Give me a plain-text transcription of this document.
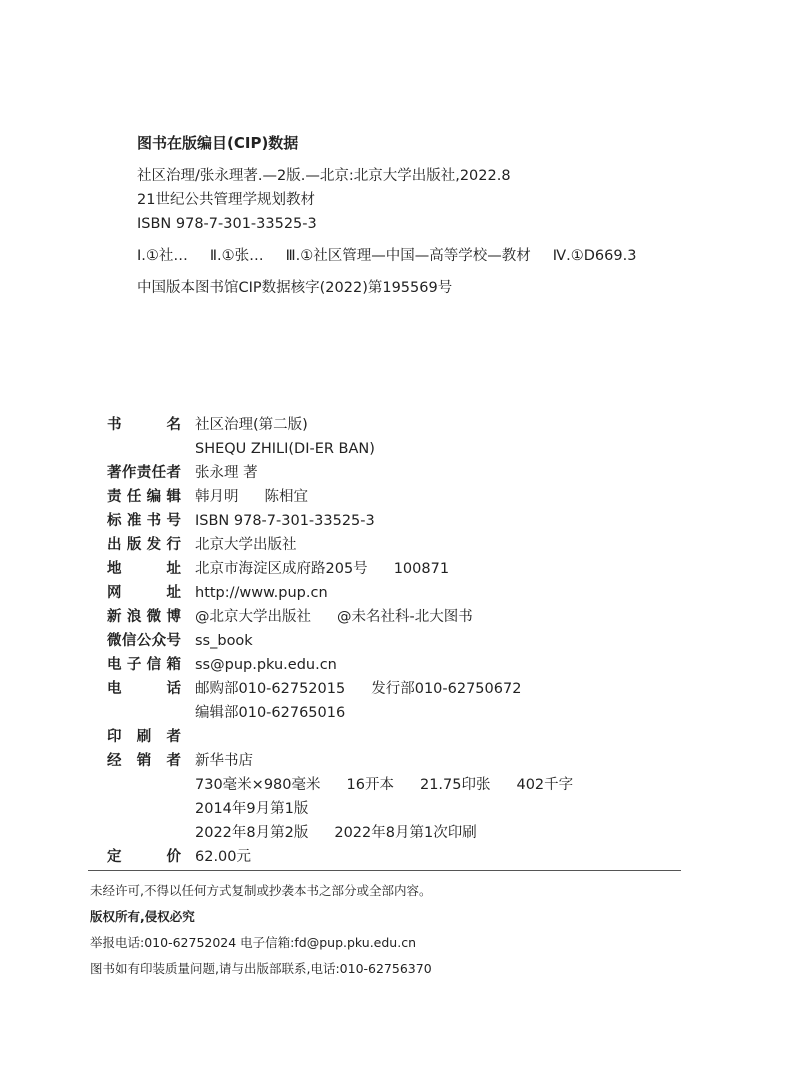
图书在版编目(CIP)数据
社区治理/张永理著.—2版.—北京:北京大学出版社,2022.8
21世纪公共管理学规划教材
ISBN 978-7-301-33525-3
Ⅰ.①社… Ⅱ.①张… Ⅲ.①社区管理—中国—高等学校—教材 Ⅳ.①D669.3
中国版本图书馆CIP数据核字(2022)第195569号
书名 社区治理(第二版)
SHEQU ZHILI(DI-ER BAN)
著作责任者 张永理 著
责任编辑 韩月明 陈相宜
标准书号 ISBN 978-7-301-33525-3
出版发行 北京大学出版社
地址 北京市海淀区成府路205号 100871
网址 http://www.pup.cn
新浪微博 @北京大学出版社 @未名社科-北大图书
微信公众号 ss_book
电子信箱 ss@pup.pku.edu.cn
电话 邮购部010-62752015 发行部010-62750672
编辑部010-62765016
印刷者
经销者 新华书店
730毫米×980毫米 16开本 21.75印张 402千字
2014年9月第1版
2022年8月第2版 2022年8月第1次印刷
定价 62.00元
未经许可,不得以任何方式复制或抄袭本书之部分或全部内容。
版权所有,侵权必究
举报电话:010-62752024 电子信箱:fd@pup.pku.edu.cn
图书如有印装质量问题,请与出版部联系,电话:010-62756370
